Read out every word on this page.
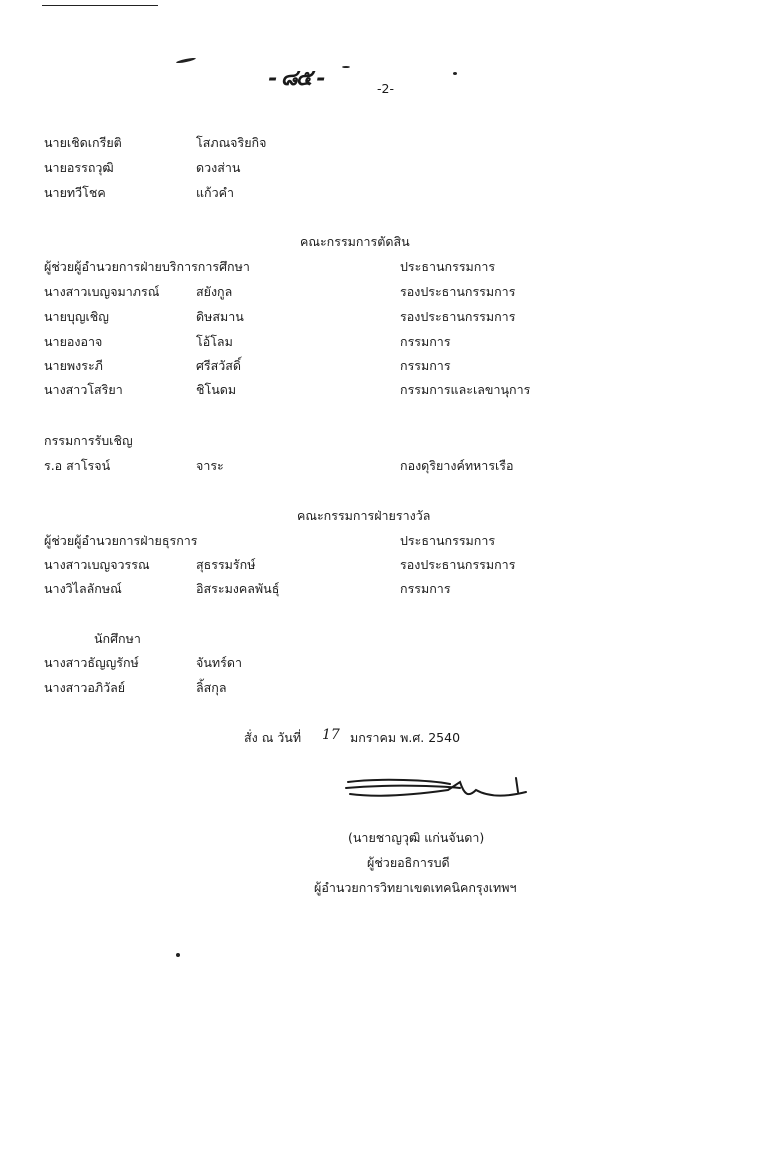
- ๘๕ -	-2-
นายเชิดเกรียติ	โสภณจริยกิจ
นายอรรถวุฒิ	ดวงส่าน
นายทวีโชค	แก้วคำ
คณะกรรมการตัดสิน
ผู้ช่วยผู้อำนวยการฝ่ายบริการการศึกษา	ประธานกรรมการ
นางสาวเบญจมาภรณ์	สยังกูล	รองประธานกรรมการ
นายบุญเชิญ	ดิษสมาน	รองประธานกรรมการ
นายองอาจ	โอ้โลม	กรรมการ
นายพงระภี	ศรีสวัสดิ์	กรรมการ
นางสาวโสริยา	ชิโนดม	กรรมการและเลขานุการ
กรรมการรับเชิญ
ร.อ สาโรจน์	จาระ	กองดุริยางค์ทหารเรือ
คณะกรรมการฝ่ายรางวัล
ผู้ช่วยผู้อำนวยการฝ่ายธุรการ	ประธานกรรมการ
นางสาวเบญจวรรณ	สุธรรมรักษ์	รองประธานกรรมการ
นางวิไลลักษณ์	อิสระมงคลพันธุ์	กรรมการ
นักศึกษา
นางสาวธัญญรักษ์	จันทร์ดา
นางสาวอภิวัลย์	ลิ้สกุล
สั่ง ณ วันที่ 17 มกราคม พ.ศ. 2540
(นายชาญวุฒิ แก่นจันดา)
ผู้ช่วยอธิการบดี
ผู้อำนวยการวิทยาเขตเทคนิคกรุงเทพฯ
